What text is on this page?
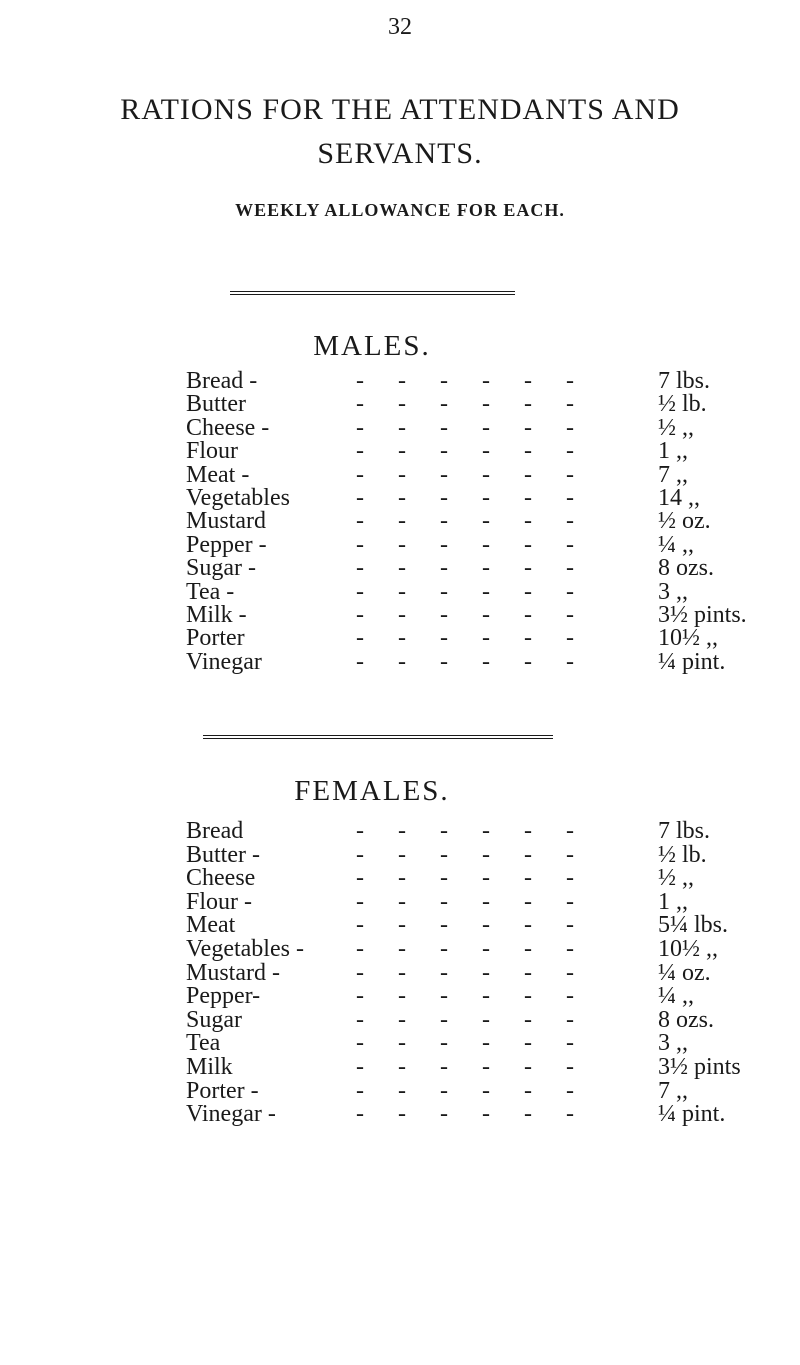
32
RATIONS FOR THE ATTENDANTS AND
SERVANTS.
WEEKLY ALLOWANCE FOR EACH.
MALES.
Bread -	------	7 lbs.
Butter	------	½ lb.
Cheese -	------	½ ,,
Flour	------	1 ,,
Meat -	------	7 ,,
Vegetables	------	14 ,,
Mustard	------	½ oz.
Pepper -	------	¼ ,,
Sugar -	------	8 ozs.
Tea -	------	3 ,,
Milk -	------	3½ pints.
Porter	------	10½ ,,
Vinegar	------	¼ pint.
FEMALES.
Bread	------	7 lbs.
Butter -	------	½ lb.
Cheese	------	½ ,,
Flour -	------	1 ,,
Meat	------	5¼ lbs.
Vegetables - ------	10½ ,,
Mustard -	------	¼ oz.
Pepper-	------	¼ ,,
Sugar	------	8 ozs.
Tea	------	3 ,,
Milk	------	3½ pints
Porter -	------	7 ,,
Vinegar -	------	¼ pint.
